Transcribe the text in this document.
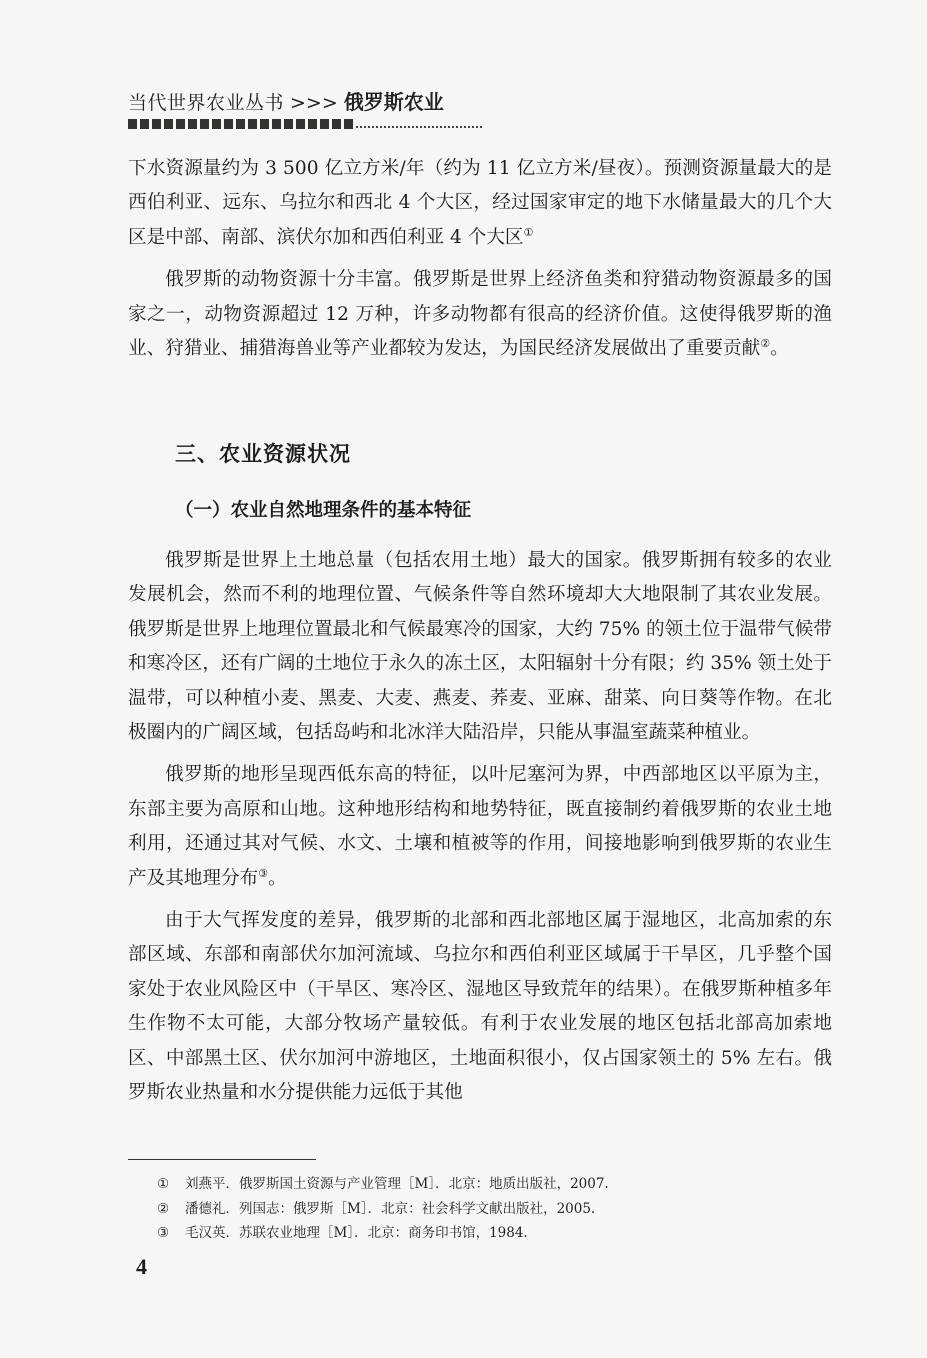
当代世界农业丛书 >>> 俄罗斯农业

下水资源量约为 3 500 亿立方米/年（约为 11 亿立方米/昼夜）。预测资源量最大的是西伯利亚、远东、乌拉尔和西北 4 个大区，经过国家审定的地下水储量最大的几个大区是中部、南部、滨伏尔加和西伯利亚 4 个大区①

俄罗斯的动物资源十分丰富。俄罗斯是世界上经济鱼类和狩猎动物资源最多的国家之一，动物资源超过 12 万种，许多动物都有很高的经济价值。这使得俄罗斯的渔业、狩猎业、捕猎海兽业等产业都较为发达，为国民经济发展做出了重要贡献②。

三、农业资源状况
（一）农业自然地理条件的基本特征

俄罗斯是世界上土地总量（包括农用土地）最大的国家。俄罗斯拥有较多的农业发展机会，然而不利的地理位置、气候条件等自然环境却大大地限制了其农业发展。俄罗斯是世界上地理位置最北和气候最寒冷的国家，大约 75% 的领土位于温带气候带和寒冷区，还有广阔的土地位于永久的冻土区，太阳辐射十分有限；约 35% 领土处于温带，可以种植小麦、黑麦、大麦、燕麦、荞麦、亚麻、甜菜、向日葵等作物。在北极圈内的广阔区域，包括岛屿和北冰洋大陆沿岸，只能从事温室蔬菜种植业。

俄罗斯的地形呈现西低东高的特征，以叶尼塞河为界，中西部地区以平原为主，东部主要为高原和山地。这种地形结构和地势特征，既直接制约着俄罗斯的农业土地利用，还通过其对气候、水文、土壤和植被等的作用，间接地影响到俄罗斯的农业生产及其地理分布③。

由于大气挥发度的差异，俄罗斯的北部和西北部地区属于湿地区，北高加索的东部区域、东部和南部伏尔加河流域、乌拉尔和西伯利亚区域属于干旱区，几乎整个国家处于农业风险区中（干旱区、寒冷区、湿地区导致荒年的结果）。在俄罗斯种植多年生作物不太可能，大部分牧场产量较低。有利于农业发展的地区包括北部高加索地区、中部黑土区、伏尔加河中游地区，土地面积很小，仅占国家领土的 5% 左右。俄罗斯农业热量和水分提供能力远低于其他

① 刘燕平．俄罗斯国土资源与产业管理［M］．北京：地质出版社，2007.
② 潘德礼．列国志：俄罗斯［M］．北京：社会科学文献出版社，2005.
③ 毛汉英．苏联农业地理［M］．北京：商务印书馆，1984.
4
